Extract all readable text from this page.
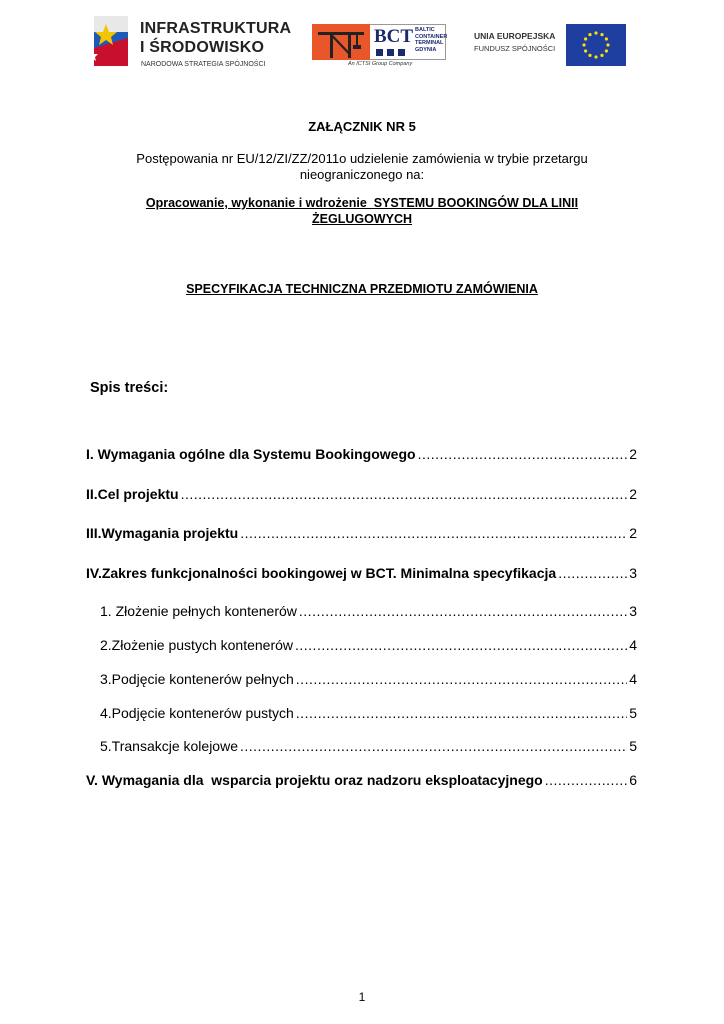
INFRASTRUKTURA
I ŚRODOWISKO
NARODOWA STRATEGIA SPÓJNOŚCI
BCT BALTIC
CONTAINER
TERMINAL
GDYNIA
An ICTSI Group Company
UNIA EUROPEJSKA
FUNDUSZ SPÓJNOŚCI
ZAŁĄCZNIK NR 5
Postępowania nr EU/12/ZI/ZZ/2011o udzielenie zamówienia w trybie przetargu
nieograniczonego na:
Opracowanie, wykonanie i wdrożenie  SYSTEMU BOOKINGÓW DLA LINII
ŻEGLUGOWYCH
SPECYFIKACJA TECHNICZNA PRZEDMIOTU ZAMÓWIENIA
Spis treści:
I. Wymagania ogólne dla Systemu Bookingowego .....	2
II.Cel projektu .....	2
III.Wymagania projektu .....	2
IV.Zakres funkcjonalności bookingowej w BCT. Minimalna specyfikacja .....	3
1. Złożenie pełnych kontenerów .....	3
2.Złożenie pustych kontenerów .....	4
3.Podjęcie kontenerów pełnych .....	4
4.Podjęcie kontenerów pustych .....	5
5.Transakcje kolejowe .....	5
V. Wymagania dla  wsparcia projektu oraz nadzoru eksploatacyjnego .....	6
1
